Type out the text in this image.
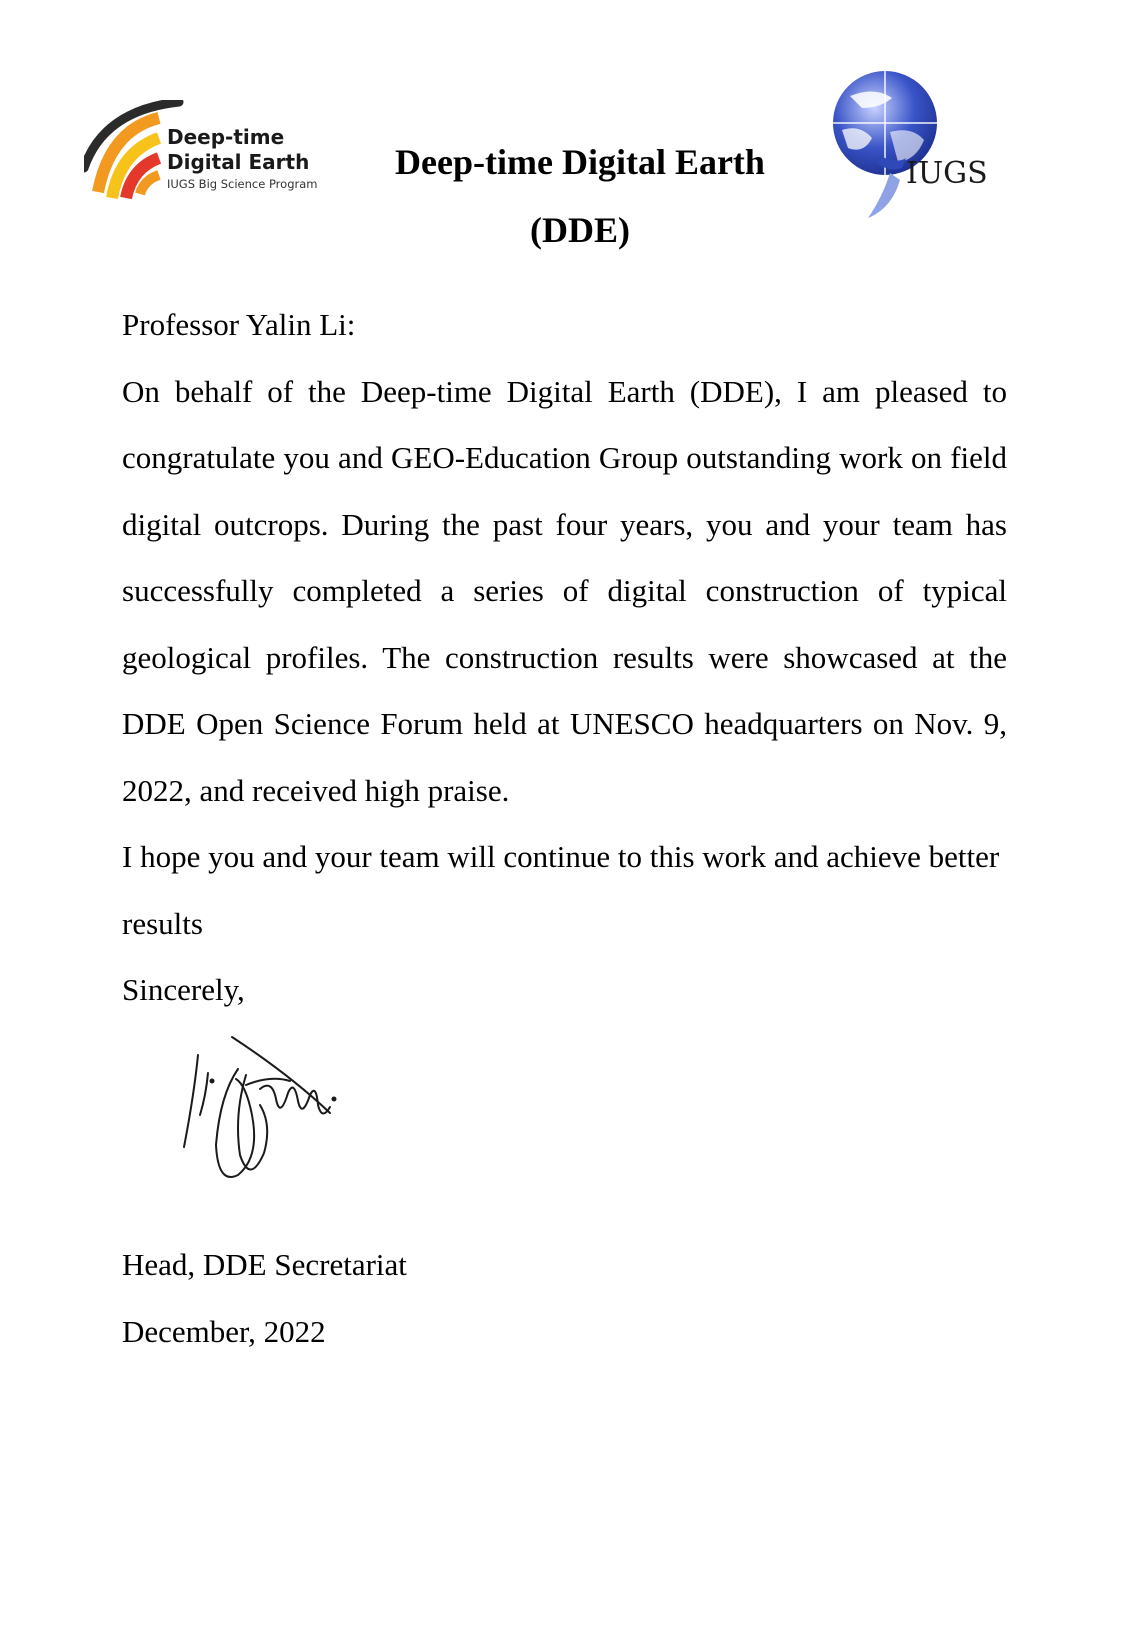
Deep-time
Digital Earth
IUGS Big Science Program
Deep-time Digital Earth
(DDE)
IUGS

Professor Yalin Li:

On behalf of the Deep-time Digital Earth (DDE), I am pleased to congratulate you and GEO-Education Group outstanding work on field digital outcrops. During the past four years, you and your team has successfully completed a series of digital construction of typical geological profiles. The construction results were showcased at the DDE Open Science Forum held at UNESCO headquarters on Nov. 9, 2022, and received high praise.

I hope you and your team will continue to this work and achieve better results

Sincerely,

Head, DDE Secretariat

December, 2022
